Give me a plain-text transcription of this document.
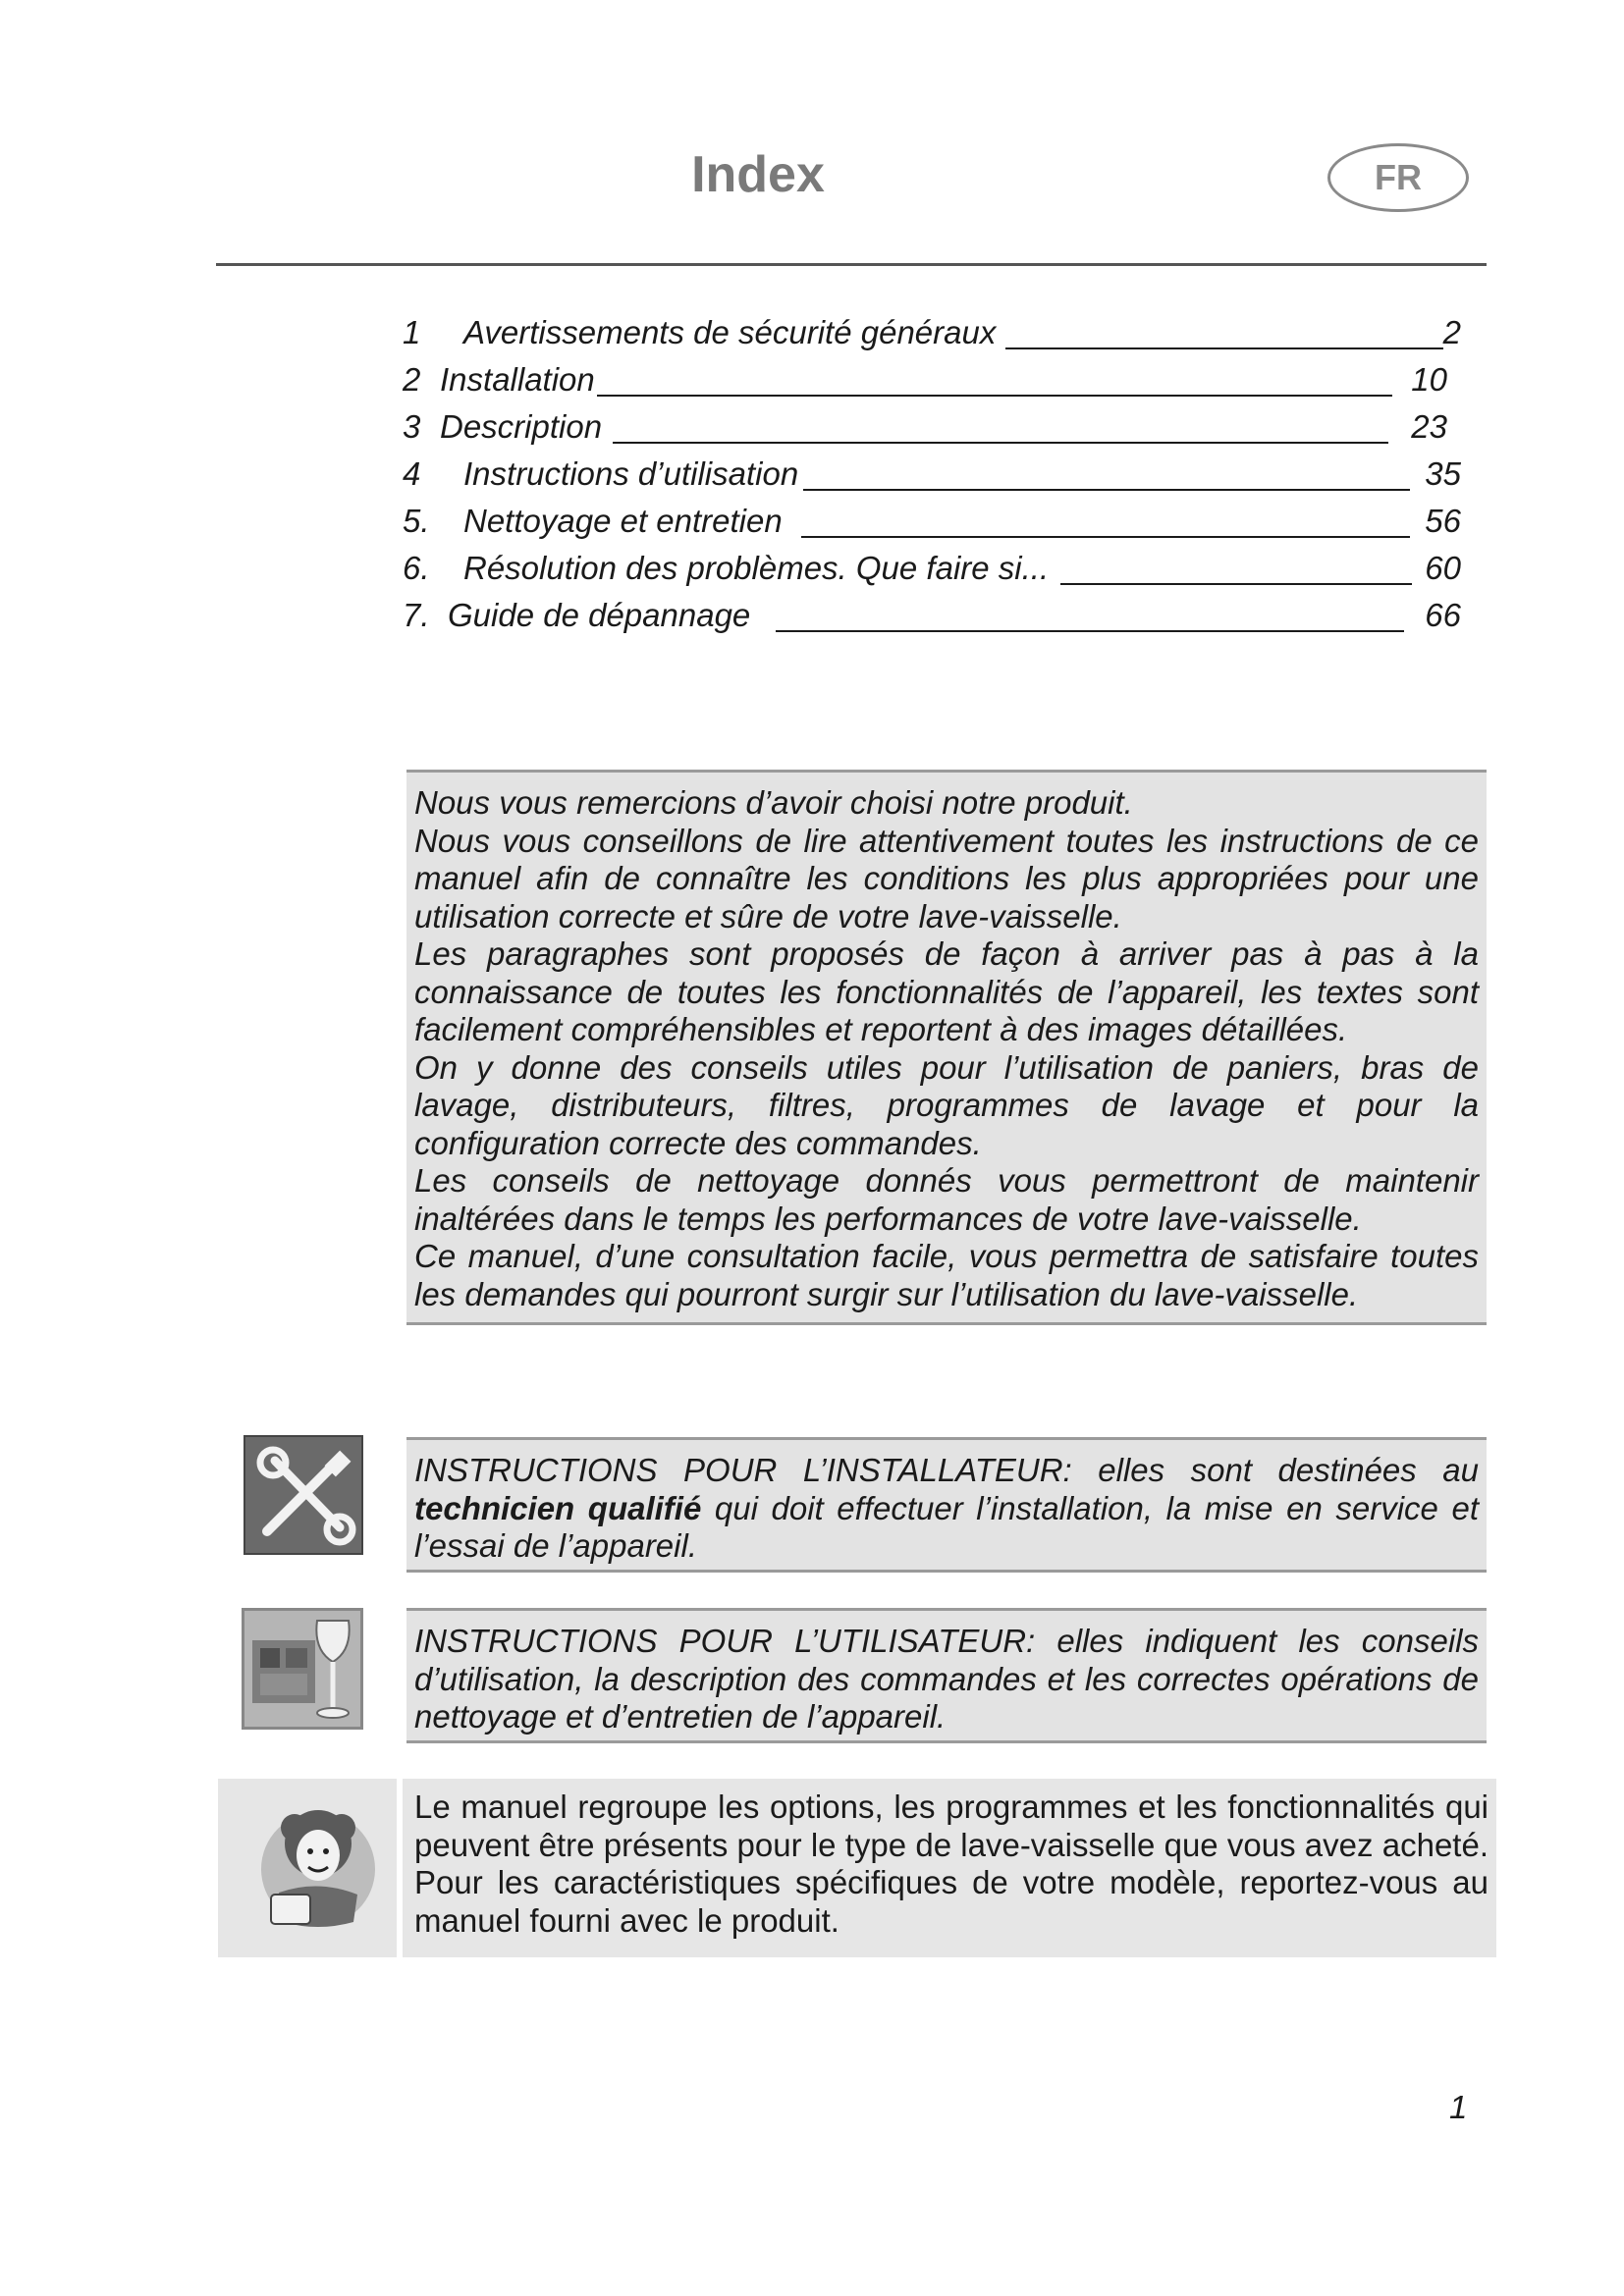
Index	FR
1 Avertissements de sécurité généraux	2
2 Installation	10
3 Description	23
4 Instructions d’utilisation	35
5. Nettoyage et entretien	56
6. Résolution des problèmes. Que faire si...	60
7. Guide de dépannage	66

Nous vous remercions d’avoir choisi notre produit.

Nous vous conseillons de lire attentivement toutes les instructions de ce manuel afin de connaître les conditions les plus appropriées pour une utilisation correcte et sûre de votre lave-vaisselle.

Les paragraphes sont proposés de façon à arriver pas à pas à la connaissance de toutes les fonctionnalités de l’appareil, les textes sont facilement compréhensibles et reportent à des images détaillées.

On y donne des conseils utiles pour l’utilisation de paniers, bras de lavage, distributeurs, filtres, programmes de lavage et pour la configuration correcte des commandes.

Les conseils de nettoyage donnés vous permettront de maintenir inaltérées dans le temps les performances de votre lave-vaisselle.

Ce manuel, d’une consultation facile, vous permettra de satisfaire toutes les demandes qui pourront surgir sur l’utilisation du lave-vaisselle.

INSTRUCTIONS POUR L’INSTALLATEUR: elles sont destinées au technicien qualifié qui doit effectuer l’installation, la mise en service et l’essai de l’appareil.

INSTRUCTIONS POUR L’UTILISATEUR: elles indiquent les conseils d’utilisation, la description des commandes et les correctes opérations de nettoyage et d’entretien de l’appareil.

Le manuel regroupe les options, les programmes et les fonctionnalités qui peuvent être présents pour le type de lave-vaisselle que vous avez acheté. Pour les caractéristiques spécifiques de votre modèle, reportez-vous au manuel fourni avec le produit.

1
